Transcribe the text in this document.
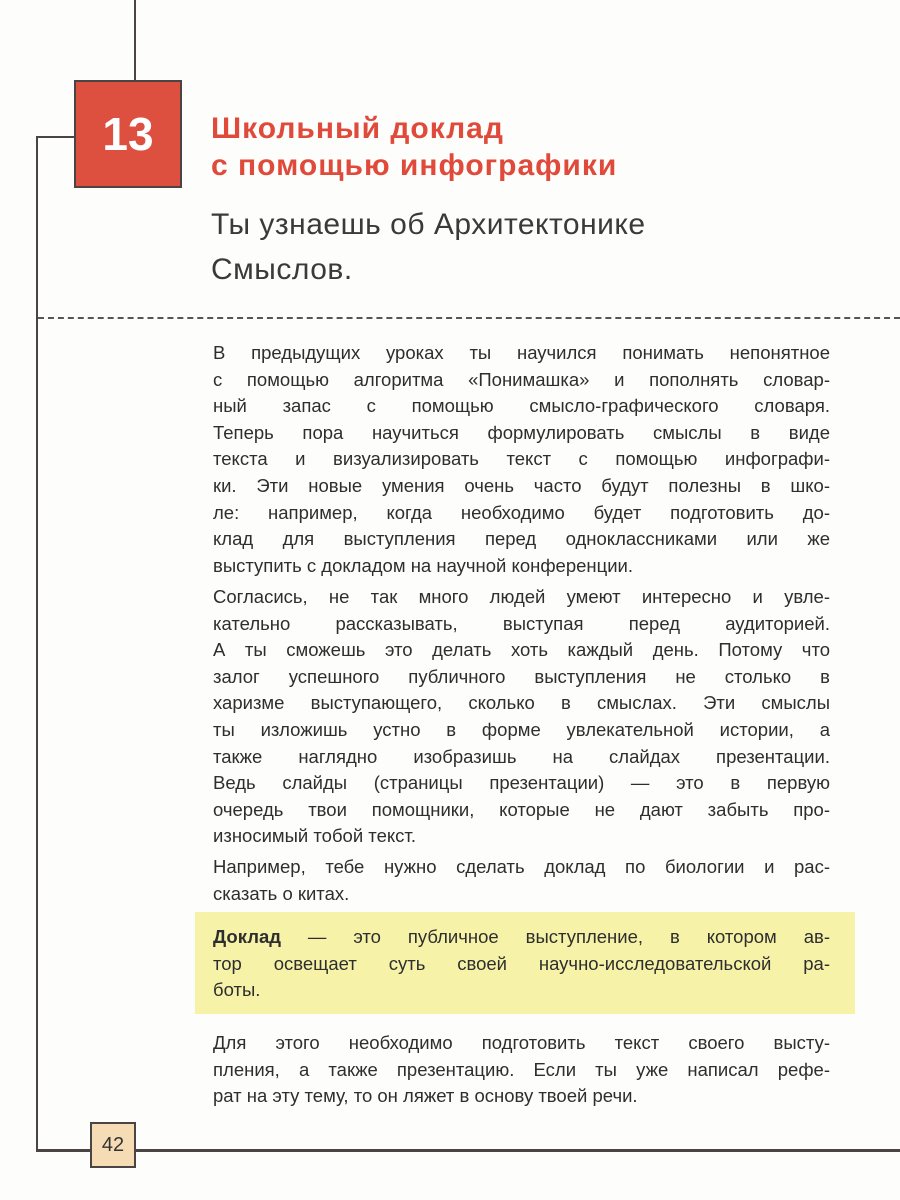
13	Школьный доклад
с помощью инфографики
Ты узнаешь об Архитектонике
Смыслов.
В предыдущих уроках ты научился понимать непонятное
с помощью алгоритма «Понимашка» и пополнять словар-
ный запас с помощью смысло-графического словаря.
Теперь пора научиться формулировать смыслы в виде
текста и визуализировать текст с помощью инфографи-
ки. Эти новые умения очень часто будут полезны в шко-
ле: например, когда необходимо будет подготовить до-
клад для выступления перед одноклассниками или же
выступить с докладом на научной конференции.
Согласись, не так много людей умеют интересно и увле-
кательно рассказывать, выступая перед аудиторией.
А ты сможешь это делать хоть каждый день. Потому что
залог успешного публичного выступления не столько в
харизме выступающего, сколько в смыслах. Эти смыслы
ты изложишь устно в форме увлекательной истории, а
также наглядно изобразишь на слайдах презентации.
Ведь слайды (страницы презентации) — это в первую
очередь твои помощники, которые не дают забыть про-
износимый тобой текст.
Например, тебе нужно сделать доклад по биологии и рас-
сказать о китах.
Доклад — это публичное выступление, в котором ав-
тор освещает суть своей научно-исследовательской ра-
боты.
Для этого необходимо подготовить текст своего высту-
пления, а также презентацию. Если ты уже написал рефе-
рат на эту тему, то он ляжет в основу твоей речи.
42
